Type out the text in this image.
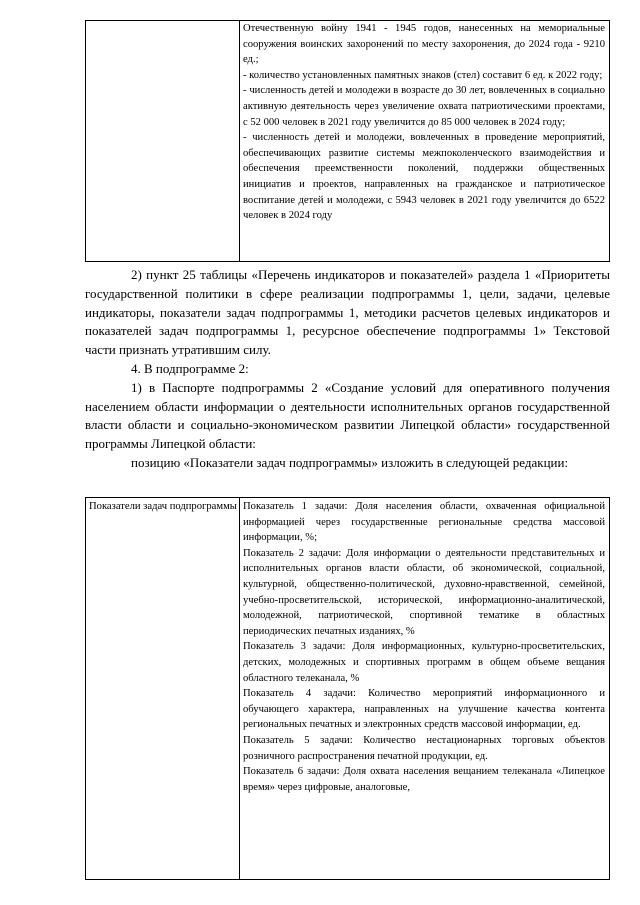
Отечественную войну 1941 - 1945 годов, нанесенных на мемориальные сооружения воинских захоронений по месту захоронения, до 2024 года - 9210 ед.;

- количество установленных памятных знаков (стел) составит 6 ед. к 2022 году;

- численность детей и молодежи в возрасте до 30 лет, вовлеченных в социально активную деятельность через увеличение охвата патриотическими проектами, с 52 000 человек в 2021 году увеличится до 85 000 человек в 2024 году;

- численность детей и молодежи, вовлеченных в проведение мероприятий, обеспечивающих развитие системы межпоколенческого взаимодействия и обеспечения преемственности поколений, поддержки общественных инициатив и проектов, направленных на гражданское и патриотическое воспитание детей и молодежи, с 5943 человек в 2021 году увеличится до 6522 человек в 2024 году

2) пункт 25 таблицы «Перечень индикаторов и показателей» раздела 1 «Приоритеты государственной политики в сфере реализации подпрограммы 1, цели, задачи, целевые индикаторы, показатели задач подпрограммы 1, методики расчетов целевых индикаторов и показателей задач подпрограммы 1, ресурсное обеспечение подпрограммы 1» Текстовой части признать утратившим силу.

4. В подпрограмме 2:

1) в Паспорте подпрограммы 2 «Создание условий для оперативного получения населением области информации о деятельности исполнительных органов государственной власти области и социально-экономическом развитии Липецкой области» государственной программы Липецкой области:

позицию «Показатели задач подпрограммы» изложить в следующей редакции:

Показатели задач подпрограммы Показатель 1 задачи: Доля населения области, охваченная официальной информацией через государственные региональные средства массовой информации, %;

Показатель 2 задачи: Доля информации о деятельности представительных и исполнительных органов власти области, об экономической, социальной, культурной, общественно-политической, духовно-нравственной, семейной, учебно-просветительской, исторической, информационно-аналитической, молодежной, патриотической, спортивной тематике в областных периодических печатных изданиях, %

Показатель 3 задачи: Доля информационных, культурно-просветительских, детских, молодежных и спортивных программ в общем объеме вещания областного телеканала, %

Показатель 4 задачи: Количество мероприятий информационного и обучающего характера, направленных на улучшение качества контента региональных печатных и электронных средств массовой информации, ед.

Показатель 5 задачи: Количество нестационарных торговых объектов розничного распространения печатной продукции, ед.

Показатель 6 задачи: Доля охвата населения вещанием телеканала «Липецкое время» через цифровые, аналоговые,
